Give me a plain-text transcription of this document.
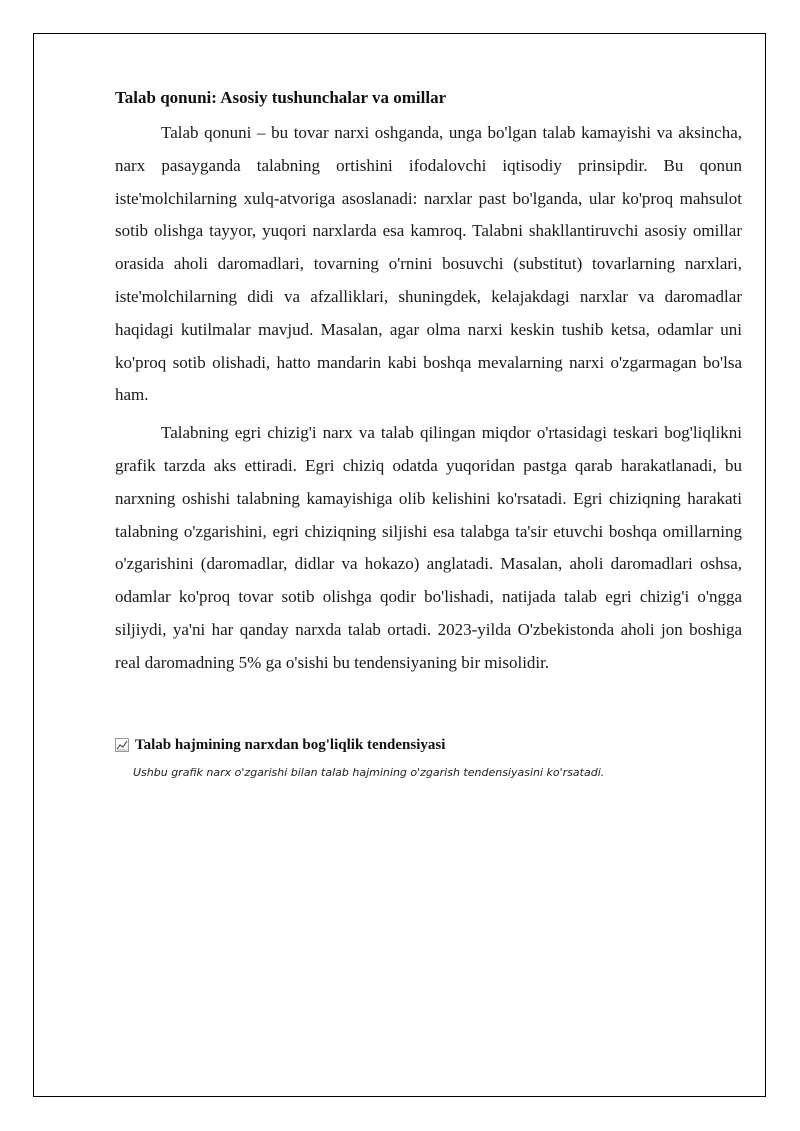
Talab qonuni: Asosiy tushunchalar va omillar

Talab qonuni – bu tovar narxi oshganda, unga bo'lgan talab kamayishi va aksincha, narx pasayganda talabning ortishini ifodalovchi iqtisodiy prinsipdir. Bu qonun iste'molchilarning xulq-atvoriga asoslanadi: narxlar past bo'lganda, ular ko'proq mahsulot sotib olishga tayyor, yuqori narxlarda esa kamroq. Talabni shakllantiruvchi asosiy omillar orasida aholi daromadlari, tovarning o'rnini bosuvchi (substitut) tovarlarning narxlari, iste'molchilarning didi va afzalliklari, shuningdek, kelajakdagi narxlar va daromadlar haqidagi kutilmalar mavjud. Masalan, agar olma narxi keskin tushib ketsa, odamlar uni ko'proq sotib olishadi, hatto mandarin kabi boshqa mevalarning narxi o'zgarmagan bo'lsa ham.

Talabning egri chizig'i narx va talab qilingan miqdor o'rtasidagi teskari bog'liqlikni grafik tarzda aks ettiradi. Egri chiziq odatda yuqoridan pastga qarab harakatlanadi, bu narxning oshishi talabning kamayishiga olib kelishini ko'rsatadi. Egri chiziqning harakati talabning o'zgarishini, egri chiziqning siljishi esa talabga ta'sir etuvchi boshqa omillarning o'zgarishini (daromadlar, didlar va hokazo) anglatadi. Masalan, aholi daromadlari oshsa, odamlar ko'proq tovar sotib olishga qodir bo'lishadi, natijada talab egri chizig'i o'ngga siljiydi, ya'ni har qanday narxda talab ortadi. 2023-yilda O'zbekistonda aholi jon boshiga real daromadning 5% ga o'sishi bu tendensiyaning bir misolidir.

Talab hajmining narxdan bog'liqlik tendensiyasi
Ushbu grafik narx o'zgarishi bilan talab hajmining o'zgarish tendensiyasini ko'rsatadi.
